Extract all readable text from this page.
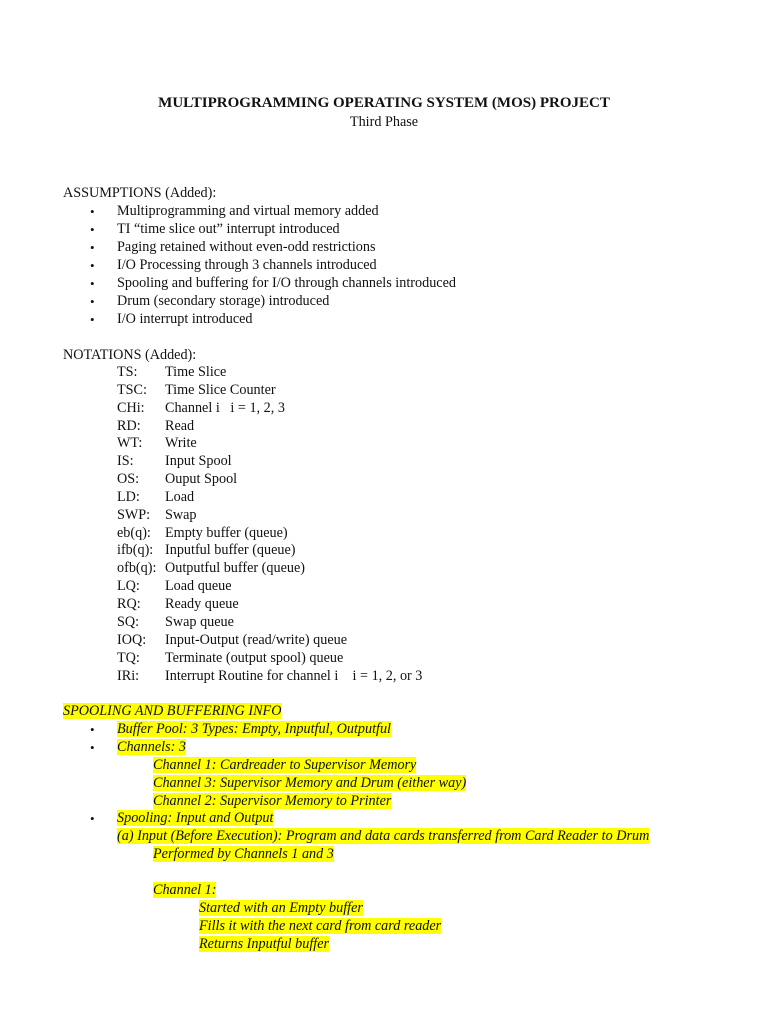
MULTIPROGRAMMING OPERATING SYSTEM (MOS) PROJECT
Third Phase
ASSUMPTIONS (Added):
• Multiprogramming and virtual memory added
• TI “time slice out” interrupt introduced
• Paging retained without even-odd restrictions
• I/O Processing through 3 channels introduced
• Spooling and buffering for I/O through channels introduced
• Drum (secondary storage) introduced
• I/O interrupt introduced
NOTATIONS (Added):
TS: Time Slice
TSC: Time Slice Counter
CHi: Channel i   i = 1, 2, 3
RD: Read
WT: Write
IS: Input Spool
OS: Ouput Spool
LD: Load
SWP: Swap
eb(q): Empty buffer (queue)
ifb(q): Inputful buffer (queue)
ofb(q): Outputful buffer (queue)
LQ: Load queue
RQ: Ready queue
SQ: Swap queue
IOQ: Input-Output (read/write) queue
TQ: Terminate (output spool) queue
IRi: Interrupt Routine for channel i    i = 1, 2, or 3
SPOOLING AND BUFFERING INFO
• Buffer Pool: 3 Types: Empty, Inputful, Outputful
• Channels: 3
Channel 1: Cardreader to Supervisor Memory
Channel 3: Supervisor Memory and Drum (either way)
Channel 2: Supervisor Memory to Printer
• Spooling: Input and Output
(a) Input (Before Execution): Program and data cards transferred from Card Reader to Drum
Performed by Channels 1 and 3
Channel 1:
Started with an Empty buffer
Fills it with the next card from card reader
Returns Inputful buffer
